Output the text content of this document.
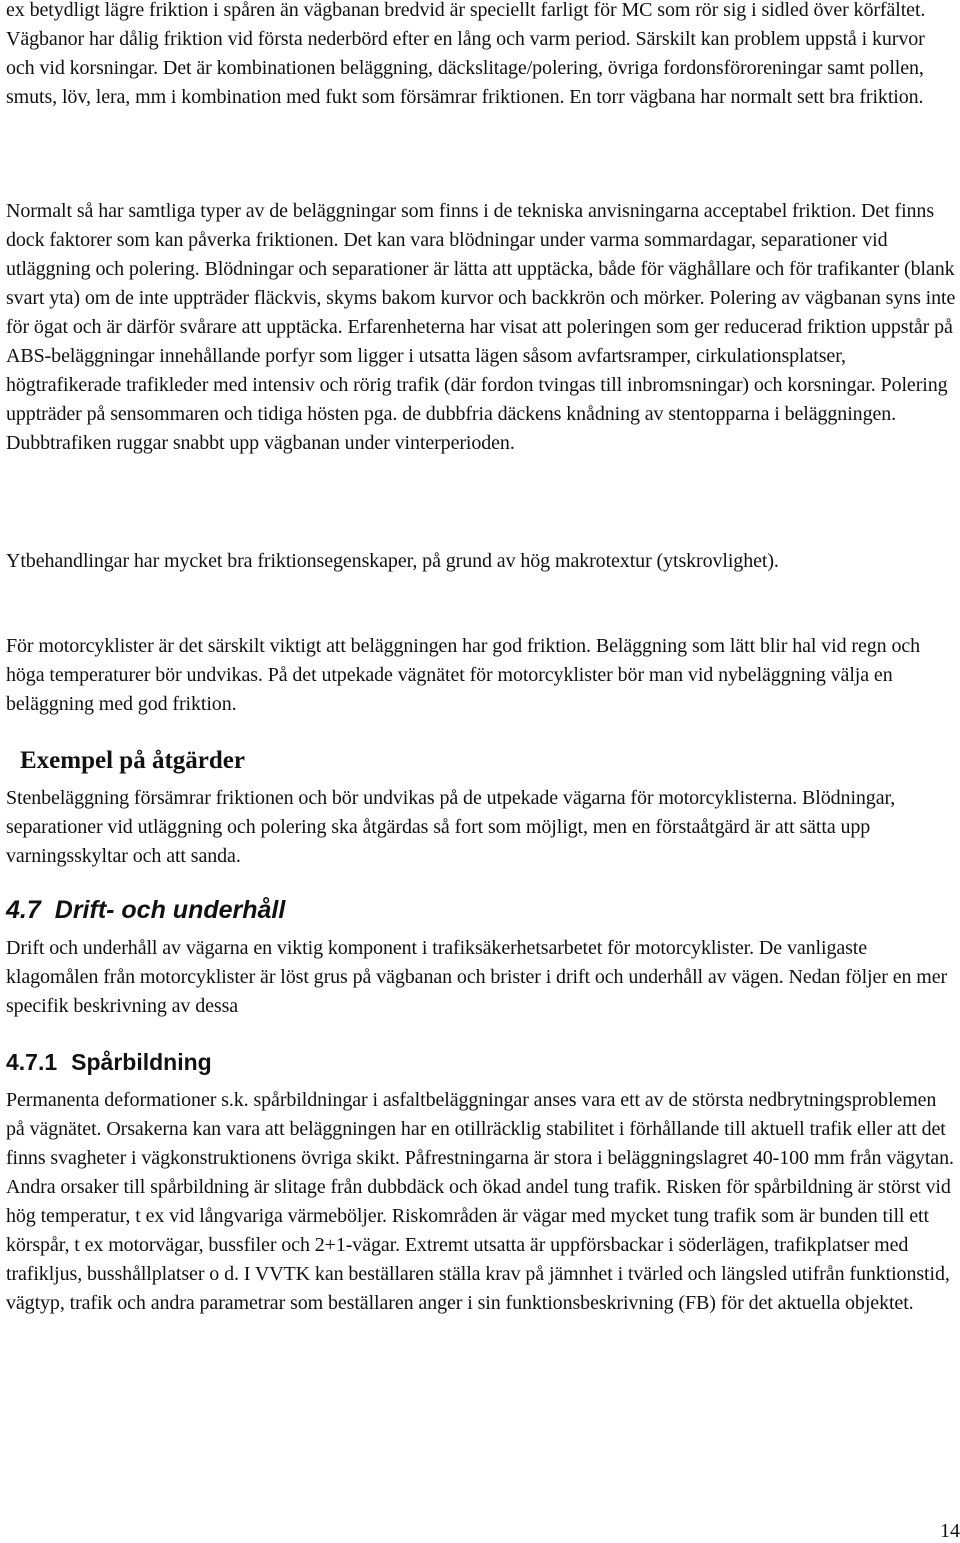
ex betydligt lägre friktion i spåren än vägbanan bredvid är speciellt farligt för MC som rör sig i sidled över körfältet. Vägbanor har dålig friktion vid första nederbörd efter en lång och varm period. Särskilt kan problem uppstå i kurvor och vid korsningar. Det är kombinationen beläggning, däckslitage/polering, övriga fordonsföroreningar samt pollen, smuts, löv, lera, mm i kombination med fukt som försämrar friktionen. En torr vägbana har normalt sett bra friktion.

Normalt så har samtliga typer av de beläggningar som finns i de tekniska anvisningarna acceptabel friktion. Det finns dock faktorer som kan påverka friktionen. Det kan vara blödningar under varma sommardagar, separationer vid utläggning och polering. Blödningar och separationer är lätta att upptäcka, både för väghållare och för trafikanter (blank svart yta) om de inte uppträder fläckvis, skyms bakom kurvor och backkrön och mörker. Polering av vägbanan syns inte för ögat och är därför svårare att upptäcka. Erfarenheterna har visat att poleringen som ger reducerad friktion uppstår på ABS-beläggningar innehållande porfyr som ligger i utsatta lägen såsom avfartsramper, cirkulationsplatser, högtrafikerade trafikleder med intensiv och rörig trafik (där fordon tvingas till inbromsningar) och korsningar. Polering uppträder på sensommaren och tidiga hösten pga. de dubbfria däckens knådning av stentopparna i beläggningen. Dubbtrafiken ruggar snabbt upp vägbanan under vinterperioden.

Ytbehandlingar har mycket bra friktionsegenskaper, på grund av hög makrotextur (ytskrovlighet).

För motorcyklister är det särskilt viktigt att beläggningen har god friktion. Beläggning som lätt blir hal vid regn och höga temperaturer bör undvikas. På det utpekade vägnätet för motorcyklister bör man vid nybeläggning välja en beläggning med god friktion.

Exempel på åtgärder

Stenbeläggning försämrar friktionen och bör undvikas på de utpekade vägarna för motorcyklisterna. Blödningar, separationer vid utläggning och polering ska åtgärdas så fort som möjligt, men en förstaåtgärd är att sätta upp varningsskyltar och att sanda.

4.7 Drift- och underhåll

Drift och underhåll av vägarna en viktig komponent i trafiksäkerhetsarbetet för motorcyklister. De vanligaste klagomålen från motorcyklister är löst grus på vägbanan och brister i drift och underhåll av vägen. Nedan följer en mer specifik beskrivning av dessa

4.7.1 Spårbildning

Permanenta deformationer s.k. spårbildningar i asfaltbeläggningar anses vara ett av de största nedbrytningsproblemen på vägnätet. Orsakerna kan vara att beläggningen har en otillräcklig stabilitet i förhållande till aktuell trafik eller att det finns svagheter i vägkonstruktionens övriga skikt. Påfrestningarna är stora i beläggningslagret 40-100 mm från vägytan. Andra orsaker till spårbildning är slitage från dubbdäck och ökad andel tung trafik. Risken för spårbildning är störst vid hög temperatur, t ex vid långvariga värmeböljer. Riskområden är vägar med mycket tung trafik som är bunden till ett körspår, t ex motorvägar, bussfiler och 2+1-vägar. Extremt utsatta är uppförsbackar i söderlägen, trafikplatser med trafikljus, busshållplatser o d. I VVTK kan beställaren ställa krav på jämnhet i tvärled och längsled utifrån funktionstid, vägtyp, trafik och andra parametrar som beställaren anger i sin funktionsbeskrivning (FB) för det aktuella objektet.

14
